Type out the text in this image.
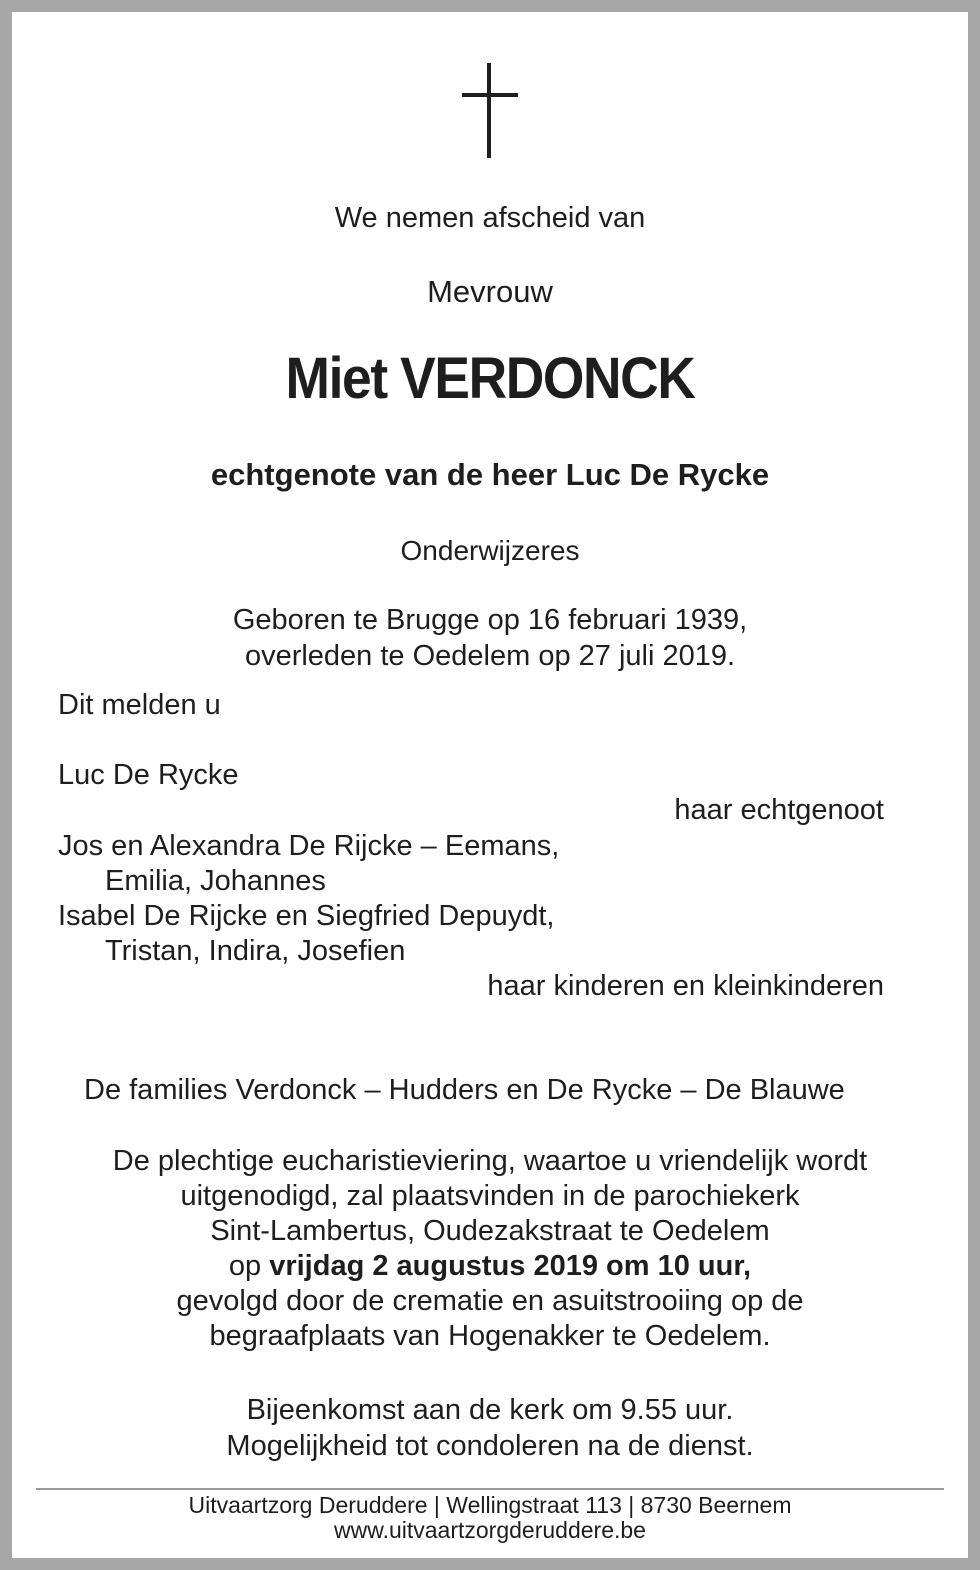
We nemen afscheid van
Mevrouw
Miet VERDONCK
echtgenote van de heer Luc De Rycke
Onderwijzeres
Geboren te Brugge op 16 februari 1939,
overleden te Oedelem op 27 juli 2019.
Dit melden u
Luc De Rycke
haar echtgenoot
Jos en Alexandra De Rijcke – Eemans,
Emilia, Johannes
Isabel De Rijcke en Siegfried Depuydt,
Tristan, Indira, Josefien
haar kinderen en kleinkinderen
De families Verdonck – Hudders en De Rycke – De Blauwe
De plechtige eucharistieviering, waartoe u vriendelijk wordt
uitgenodigd, zal plaatsvinden in de parochiekerk
Sint-Lambertus, Oudezakstraat te Oedelem
op vrijdag 2 augustus 2019 om 10 uur,
gevolgd door de crematie en asuitstrooiing op de
begraafplaats van Hogenakker te Oedelem.
Bijeenkomst aan de kerk om 9.55 uur.
Mogelijkheid tot condoleren na de dienst.
Uitvaartzorg Deruddere | Wellingstraat 113 | 8730 Beernem
www.uitvaartzorgderuddere.be
